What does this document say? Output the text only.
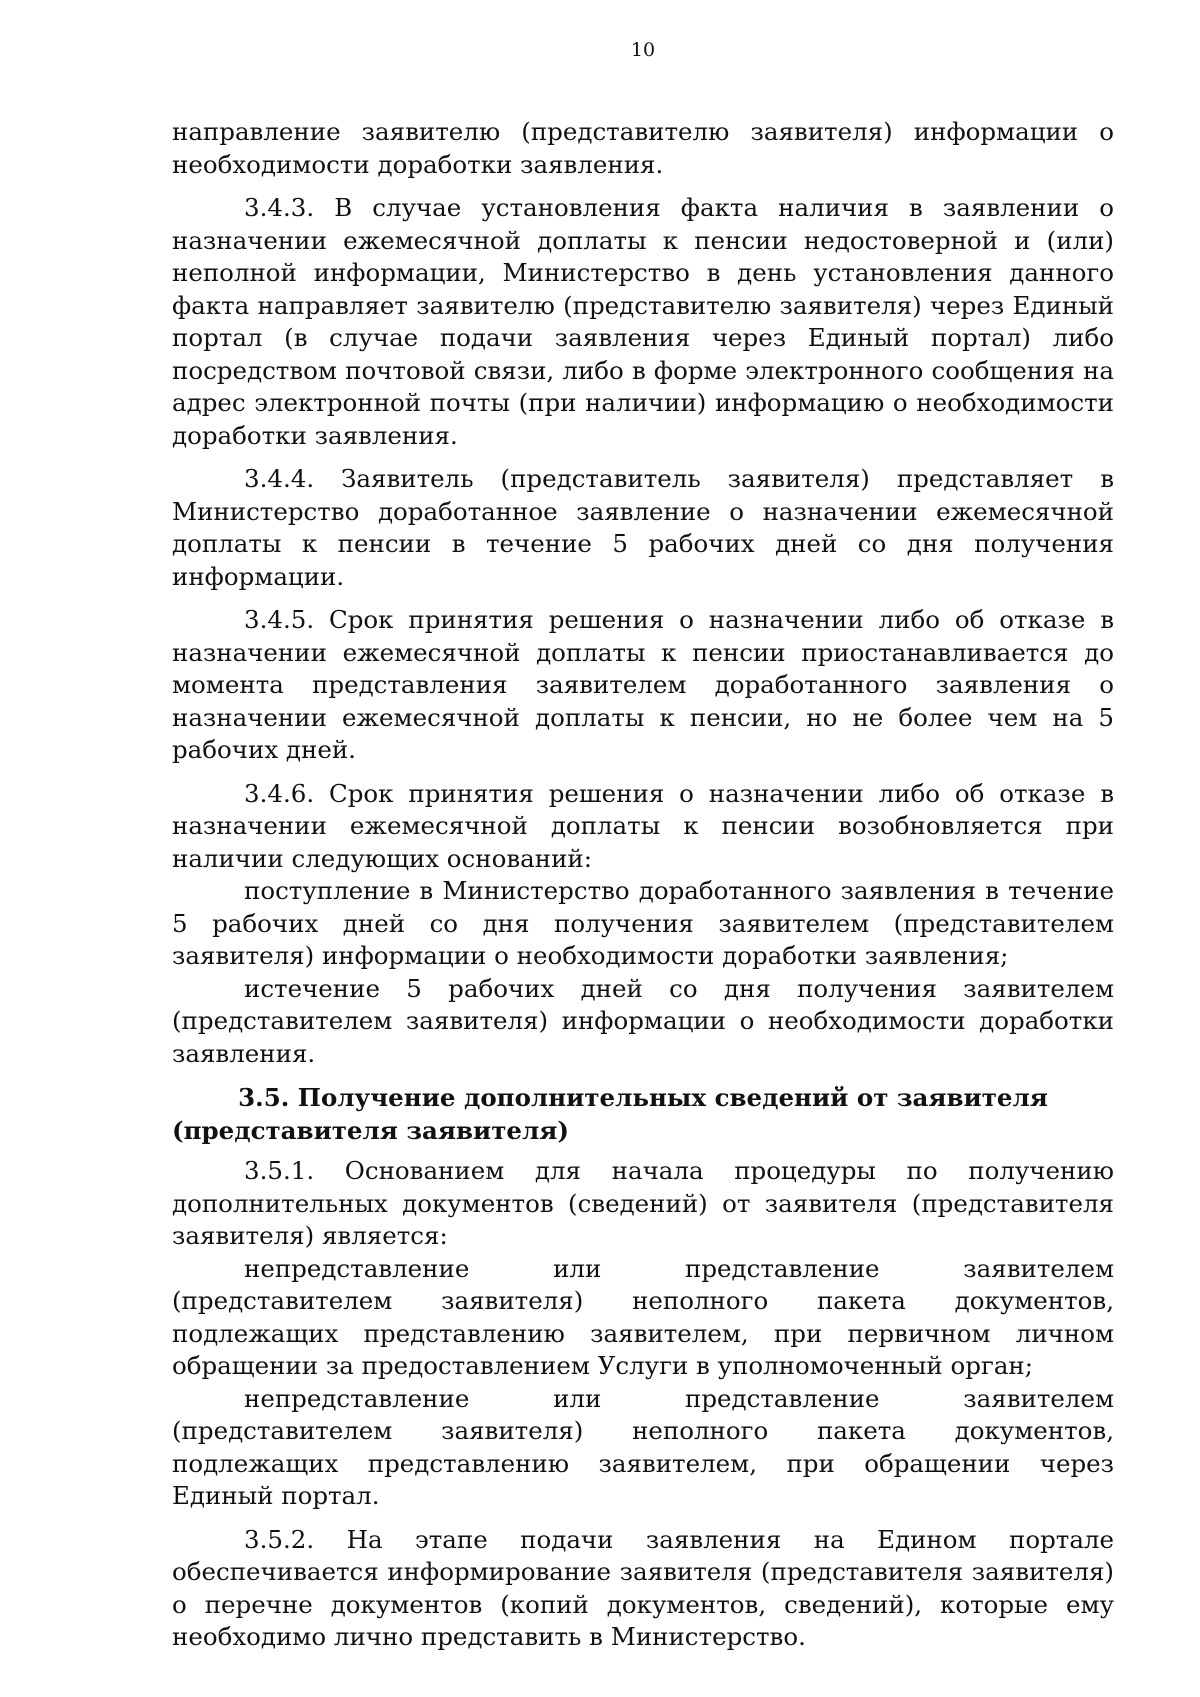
10

направление заявителю (представителю заявителя) информации о необходимости доработки заявления.

3.4.3. В случае установления факта наличия в заявлении о назначении ежемесячной доплаты к пенсии недостоверной и (или) неполной информации, Министерство в день установления данного факта направляет заявителю (представителю заявителя) через Единый портал (в случае подачи заявления через Единый портал) либо посредством почтовой связи, либо в форме электронного сообщения на адрес электронной почты (при наличии) информацию о необходимости доработки заявления.

3.4.4. Заявитель (представитель заявителя) представляет в Министерство доработанное заявление о назначении ежемесячной доплаты к пенсии в течение 5 рабочих дней со дня получения информации.

3.4.5. Срок принятия решения о назначении либо об отказе в назначении ежемесячной доплаты к пенсии приостанавливается до момента представления заявителем доработанного заявления о назначении ежемесячной доплаты к пенсии, но не более чем на 5 рабочих дней.

3.4.6. Срок принятия решения о назначении либо об отказе в назначении ежемесячной доплаты к пенсии возобновляется при наличии следующих оснований:

поступление в Министерство доработанного заявления в течение 5 рабочих дней со дня получения заявителем (представителем заявителя) информации о необходимости доработки заявления;

истечение 5 рабочих дней со дня получения заявителем (представителем заявителя) информации о необходимости доработки заявления.

3.5. Получение дополнительных сведений от заявителя (представителя заявителя)

3.5.1. Основанием для начала процедуры по получению дополнительных документов (сведений) от заявителя (представителя заявителя) является:

непредставление или представление заявителем (представителем заявителя) неполного пакета документов, подлежащих представлению заявителем, при первичном личном обращении за предоставлением Услуги в уполномоченный орган;

непредставление или представление заявителем (представителем заявителя) неполного пакета документов, подлежащих представлению заявителем, при обращении через Единый портал.

3.5.2. На этапе подачи заявления на Едином портале обеспечивается информирование заявителя (представителя заявителя) о перечне документов (копий документов, сведений), которые ему необходимо лично представить в Министерство.
